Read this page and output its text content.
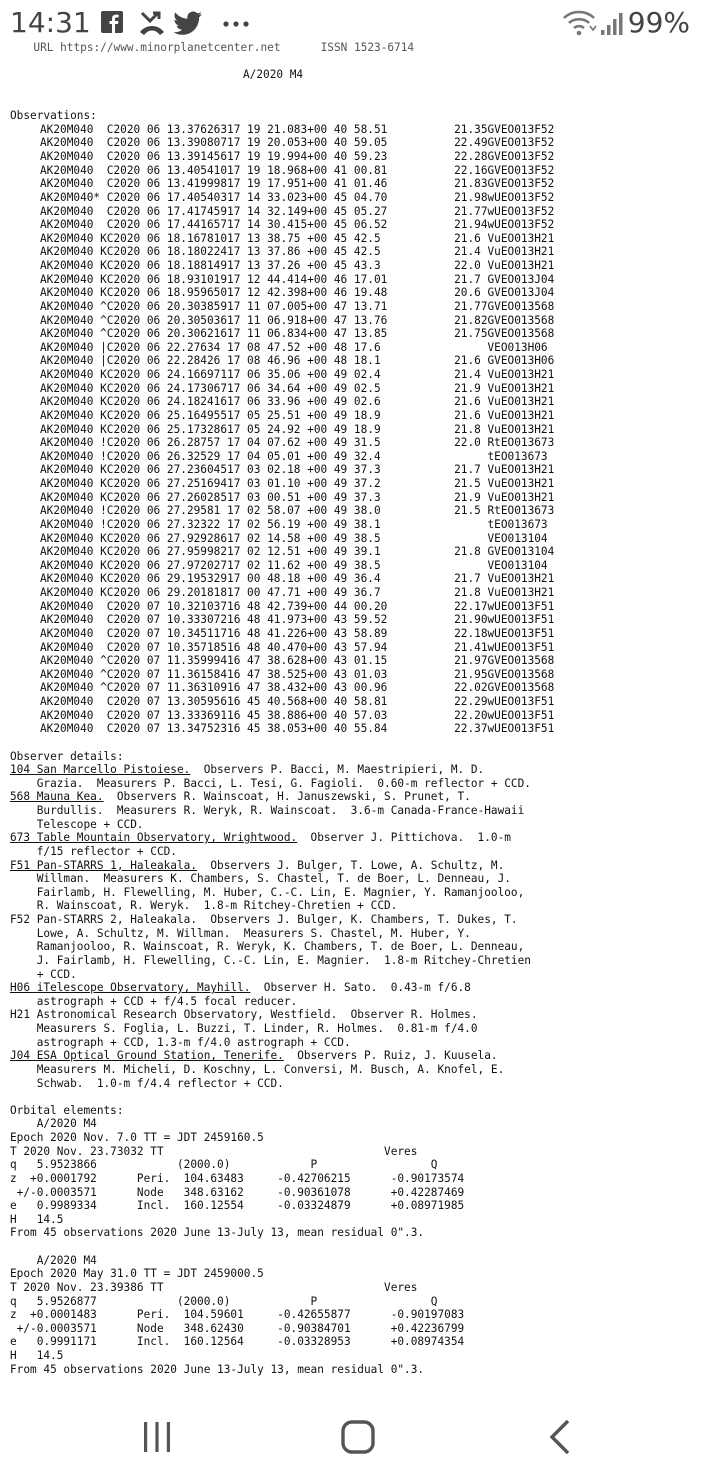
14:31	99%
URL https://www.minorplanetcenter.net      ISSN 1523-6714
A/2020 M4
Observations:
AK20M040  C2020 06 13.37626317 19 21.083+00 40 58.51          21.35GVEO013F52
AK20M040  C2020 06 13.39080717 19 20.053+00 40 59.05          22.49GVEO013F52
AK20M040  C2020 06 13.39145617 19 19.994+00 40 59.23          22.28GVEO013F52
AK20M040  C2020 06 13.40541017 19 18.968+00 41 00.81          22.16GVEO013F52
AK20M040  C2020 06 13.41999817 19 17.951+00 41 01.46          21.83GVEO013F52
AK20M040* C2020 06 17.40540317 14 33.023+00 45 04.70          21.98wUEO013F52
AK20M040  C2020 06 17.41745917 14 32.149+00 45 05.27          21.77wUEO013F52
AK20M040  C2020 06 17.44165717 14 30.415+00 45 06.52          21.94wUEO013F52
AK20M040 KC2020 06 18.16781017 13 38.75 +00 45 42.5           21.6 VuEO013H21
AK20M040 KC2020 06 18.18022417 13 37.86 +00 45 42.5           21.4 VuEO013H21
AK20M040 KC2020 06 18.18814917 13 37.26 +00 45 43.3           22.0 VuEO013H21
AK20M040 KC2020 06 18.93101917 12 44.414+00 46 17.01          21.7 GVEO013J04
AK20M040 KC2020 06 18.95965017 12 42.398+00 46 19.48          20.6 GVEO013J04
AK20M040 ^C2020 06 20.30385917 11 07.005+00 47 13.71          21.77GVEO013568
AK20M040 ^C2020 06 20.30503617 11 06.918+00 47 13.76          21.82GVEO013568
AK20M040 ^C2020 06 20.30621617 11 06.834+00 47 13.85          21.75GVEO013568
AK20M040 |C2020 06 22.27634 17 08 47.52 +00 48 17.6                VEO013H06
AK20M040 |C2020 06 22.28426 17 08 46.96 +00 48 18.1           21.6 GVEO013H06
AK20M040 KC2020 06 24.16697117 06 35.06 +00 49 02.4           21.4 VuEO013H21
AK20M040 KC2020 06 24.17306717 06 34.64 +00 49 02.5           21.9 VuEO013H21
AK20M040 KC2020 06 24.18241617 06 33.96 +00 49 02.6           21.6 VuEO013H21
AK20M040 KC2020 06 25.16495517 05 25.51 +00 49 18.9           21.6 VuEO013H21
AK20M040 KC2020 06 25.17328617 05 24.92 +00 49 18.9           21.8 VuEO013H21
AK20M040 !C2020 06 26.28757 17 04 07.62 +00 49 31.5           22.0 RtEO013673
AK20M040 !C2020 06 26.32529 17 04 05.01 +00 49 32.4                tEO013673
AK20M040 KC2020 06 27.23604517 03 02.18 +00 49 37.3           21.7 VuEO013H21
AK20M040 KC2020 06 27.25169417 03 01.10 +00 49 37.2           21.5 VuEO013H21
AK20M040 KC2020 06 27.26028517 03 00.51 +00 49 37.3           21.9 VuEO013H21
AK20M040 !C2020 06 27.29581 17 02 58.07 +00 49 38.0           21.5 RtEO013673
AK20M040 !C2020 06 27.32322 17 02 56.19 +00 49 38.1                tEO013673
AK20M040 KC2020 06 27.92928617 02 14.58 +00 49 38.5                VEO013104
AK20M040 KC2020 06 27.95998217 02 12.51 +00 49 39.1           21.8 GVEO013104
AK20M040 KC2020 06 27.97202717 02 11.62 +00 49 38.5                VEO013104
AK20M040 KC2020 06 29.19532917 00 48.18 +00 49 36.4           21.7 VuEO013H21
AK20M040 KC2020 06 29.20181817 00 47.71 +00 49 36.7           21.8 VuEO013H21
AK20M040  C2020 07 10.32103716 48 42.739+00 44 00.20          22.17wUEO013F51
AK20M040  C2020 07 10.33307216 48 41.973+00 43 59.52          21.90wUEO013F51
AK20M040  C2020 07 10.34511716 48 41.226+00 43 58.89          22.18wUEO013F51
AK20M040  C2020 07 10.35718516 48 40.470+00 43 57.94          21.41wUEO013F51
AK20M040 ^C2020 07 11.35999416 47 38.628+00 43 01.15          21.97GVEO013568
AK20M040 ^C2020 07 11.36158416 47 38.525+00 43 01.03          21.95GVEO013568
AK20M040 ^C2020 07 11.36310916 47 38.432+00 43 00.96          22.02GVEO013568
AK20M040  C2020 07 13.30595616 45 40.568+00 40 58.81          22.29wUEO013F51
AK20M040  C2020 07 13.33369116 45 38.886+00 40 57.03          22.20wUEO013F51
AK20M040  C2020 07 13.34752316 45 38.053+00 40 55.84          22.37wUEO013F51
Observer details:
104 San Marcello Pistoiese.  Observers P. Bacci, M. Maestripieri, M. D.
Grazia.  Measurers P. Bacci, L. Tesi, G. Fagioli.  0.60-m reflector + CCD.
568 Mauna Kea.  Observers R. Wainscoat, H. Januszewski, S. Prunet, T.
Burdullis.  Measurers R. Weryk, R. Wainscoat.  3.6-m Canada-France-Hawaii
Telescope + CCD.
673 Table Mountain Observatory, Wrightwood.  Observer J. Pittichova.  1.0-m
f/15 reflector + CCD.
F51 Pan-STARRS 1, Haleakala.  Observers J. Bulger, T. Lowe, A. Schultz, M.
Willman.  Measurers K. Chambers, S. Chastel, T. de Boer, L. Denneau, J.
Fairlamb, H. Flewelling, M. Huber, C.-C. Lin, E. Magnier, Y. Ramanjooloo,
R. Wainscoat, R. Weryk.  1.8-m Ritchey-Chretien + CCD.
F52 Pan-STARRS 2, Haleakala.  Observers J. Bulger, K. Chambers, T. Dukes, T.
Lowe, A. Schultz, M. Willman.  Measurers S. Chastel, M. Huber, Y.
Ramanjooloo, R. Wainscoat, R. Weryk, K. Chambers, T. de Boer, L. Denneau,
J. Fairlamb, H. Flewelling, C.-C. Lin, E. Magnier.  1.8-m Ritchey-Chretien
+ CCD.
H06 iTelescope Observatory, Mayhill.  Observer H. Sato.  0.43-m f/6.8
astrograph + CCD + f/4.5 focal reducer.
H21 Astronomical Research Observatory, Westfield.  Observer R. Holmes.
Measurers S. Foglia, L. Buzzi, T. Linder, R. Holmes.  0.81-m f/4.0
astrograph + CCD, 1.3-m f/4.0 astrograph + CCD.
J04 ESA Optical Ground Station, Tenerife.  Observers P. Ruiz, J. Kuusela.
Measurers M. Micheli, D. Koschny, L. Conversi, M. Busch, A. Knofel, E.
Schwab.  1.0-m f/4.4 reflector + CCD.
Orbital elements:
A/2020 M4
Epoch 2020 Nov. 7.0 TT = JDT 2459160.5
T 2020 Nov. 23.73032 TT                                 Veres
q   5.9523866            (2000.0)            P                 Q
z  +0.0001792      Peri.  104.63483     -0.42706215      -0.90173574
+/-0.0003571      Node   348.63162     -0.90361078      +0.42287469
e   0.9989334      Incl.  160.12554     -0.03324879      +0.08971985
H   14.5
From 45 observations 2020 June 13-July 13, mean residual 0".3.
A/2020 M4
Epoch 2020 May 31.0 TT = JDT 2459000.5
T 2020 Nov. 23.39386 TT                                 Veres
q   5.9526877            (2000.0)            P                 Q
z  +0.0001483      Peri.  104.59601     -0.42655877      -0.90197083
+/-0.0003571      Node   348.62430     -0.90384701      +0.42236799
e   0.9991171      Incl.  160.12564     -0.03328953      +0.08974354
H   14.5
From 45 observations 2020 June 13-July 13, mean residual 0".3.
